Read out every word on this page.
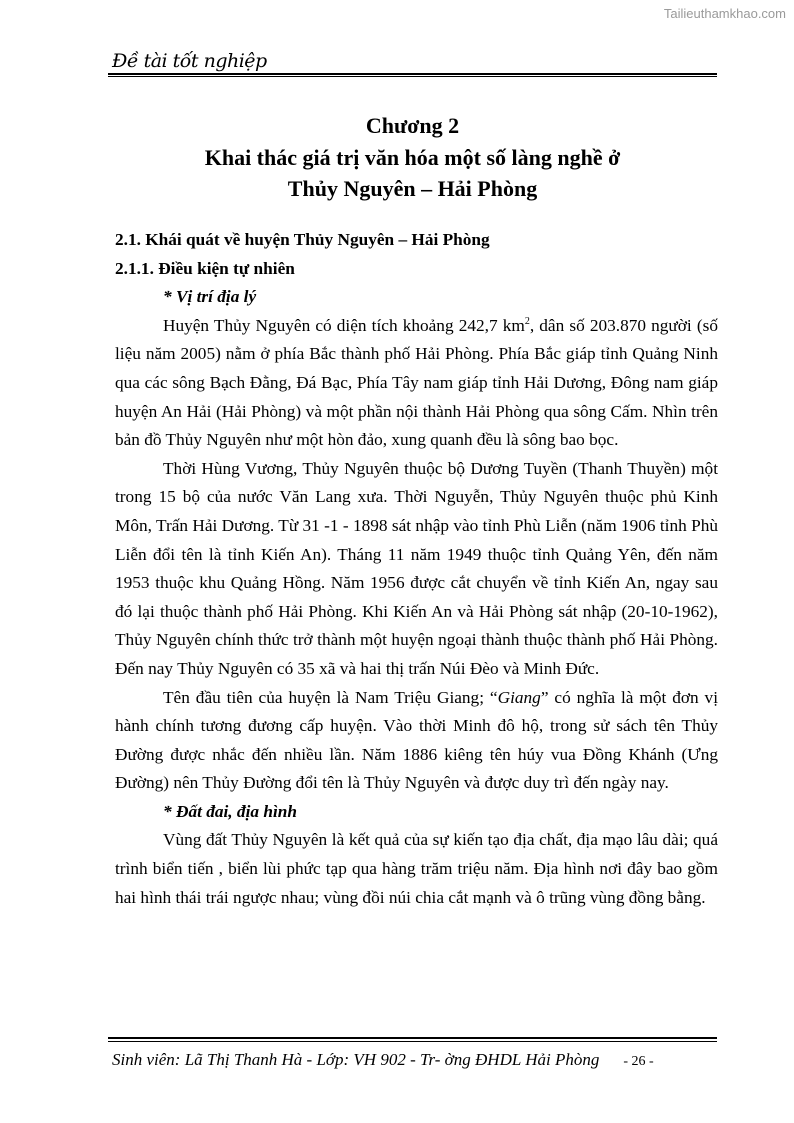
Tailieuthamkhao.com
Đề tài tốt nghiệp
Chương 2
Khai thác giá trị văn hóa một số làng nghề ở
Thủy Nguyên – Hải Phòng

2.1. Khái quát về huyện Thủy Nguyên – Hải Phòng

2.1.1. Điều kiện tự nhiên

* Vị trí địa lý

Huyện Thủy Nguyên có diện tích khoảng 242,7 $km^2$, dân số 203.870 người (số liệu năm 2005) nằm ở phía Bắc thành phố Hải Phòng. Phía Bắc giáp tỉnh Quảng Ninh qua các sông Bạch Đằng, Đá Bạc, Phía Tây nam giáp tỉnh Hải Dương, Đông nam giáp huyện An Hải (Hải Phòng) và một phần nội thành Hải Phòng qua sông Cấm. Nhìn trên bản đồ Thủy Nguyên như một hòn đảo, xung quanh đều là sông bao bọc.

Thời Hùng Vương, Thủy Nguyên thuộc bộ Dương Tuyền (Thanh Thuyền) một trong 15 bộ của nước Văn Lang xưa. Thời Nguyễn, Thủy Nguyên thuộc phủ Kinh Môn, Trấn Hải Dương. Từ 31 -1 - 1898 sát nhập vào tỉnh Phù Liễn (năm 1906 tỉnh Phù Liễn đổi tên là tỉnh Kiến An). Tháng 11 năm 1949 thuộc tỉnh Quảng Yên, đến năm 1953 thuộc khu Quảng Hồng. Năm 1956 được cắt chuyển về tỉnh Kiến An, ngay sau đó lại thuộc thành phố Hải Phòng. Khi Kiến An và Hải Phòng sát nhập (20-10-1962), Thủy Nguyên chính thức trở thành một huyện ngoại thành thuộc thành phố Hải Phòng. Đến nay Thủy Nguyên có 35 xã và hai thị trấn Núi Đèo và Minh Đức.

Tên đầu tiên của huyện là Nam Triệu Giang; “Giang” có nghĩa là một đơn vị hành chính tương đương cấp huyện. Vào thời Minh đô hộ, trong sử sách tên Thủy Đường được nhắc đến nhiều lần. Năm 1886 kiêng tên húy vua Đồng Khánh (Ưng Đường) nên Thủy Đường đổi tên là Thủy Nguyên và được duy trì đến ngày nay.

* Đất đai, địa hình

Vùng đất Thủy Nguyên là kết quả của sự kiến tạo địa chất, địa mạo lâu dài; quá trình biển tiến , biển lùi phức tạp qua hàng trăm triệu năm. Địa hình nơi đây bao gồm hai hình thái trái ngược nhau; vùng đồi núi chia cắt mạnh và ô trũng vùng đồng bằng.

Sinh viên: Lã Thị Thanh Hà - Lớp: VH 902 - Tr- ờng ĐHDL Hải Phòng - 26 -
